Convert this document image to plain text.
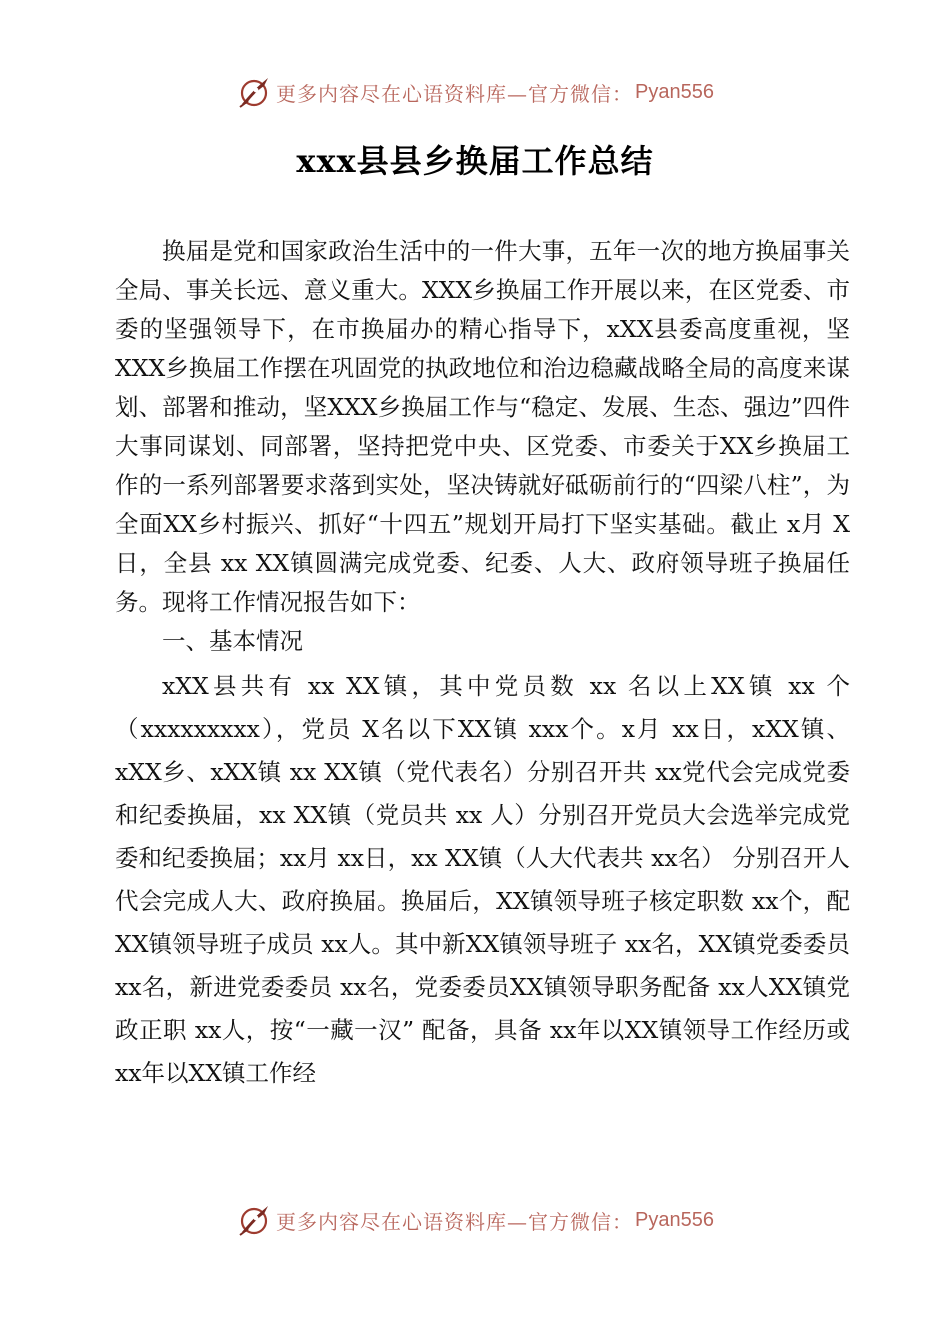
更多内容尽在心语资料库—官方微信： Pyan556
xxx县县乡换届工作总结

换届是党和国家政治生活中的一件大事，五年一次的地方换届事关全局、事关长远、意义重大。XXX乡换届工作开展以来，在区党委、市委的坚强领导下，在市换届办的精心指导下，xXX县委高度重视，坚XXX乡换届工作摆在巩固党的执政地位和治边稳藏战略全局的高度来谋划、部署和推动，坚XXX乡换届工作与“稳定、发展、生态、强边”四件大事同谋划、同部署，坚持把党中央、区党委、市委关于XX乡换届工作的一系列部署要求落到实处，坚决铸就好砥砺前行的“四梁八柱”，为全面XX乡村振兴、抓好“十四五”规划开局打下坚实基础。截止 x月 X日，全县 xx XX镇圆满完成党委、纪委、人大、政府领导班子换届任务。现将工作情况报告如下：

一、基本情况

xXX县共有 xx XX镇，其中党员数 xx 名以上XX镇 xx 个（xxxxxxxxx），党员 X名以下XX镇 xxx个。x月 xx日，xXX镇、 xXX乡、xXX镇 xx XX镇（党代表名）分别召开共 xx党代会完成党委和纪委换届，xx XX镇（党员共 xx 人）分别召开党员大会选举完成党委和纪委换届；xx月 xx日，xx XX镇（人大代表共 xx名） 分别召开人代会完成人大、政府换届。换届后，XX镇领导班子核定职数 xx个，配XX镇领导班子成员 xx人。其中新XX镇领导班子 xx名，XX镇党委委员 xx名，新进党委委员 xx名，党委委员XX镇领导职务配备 xx人XX镇党政正职 xx人，按“一藏一汉” 配备，具备 xx年以XX镇领导工作经历或 xx年以XX镇工作经

更多内容尽在心语资料库—官方微信： Pyan556
